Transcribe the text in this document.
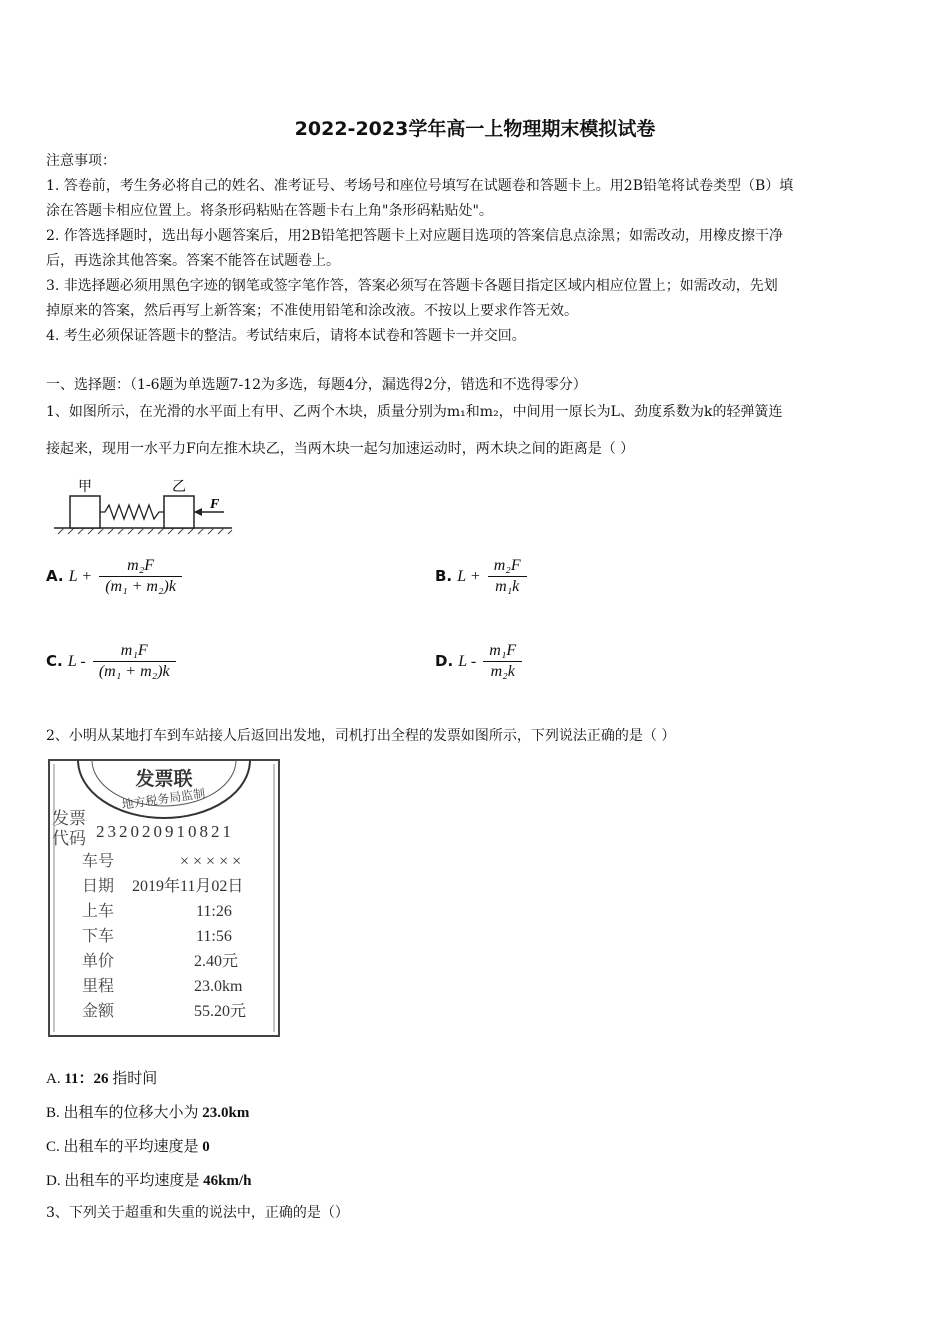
2022-2023学年高一上物理期末模拟试卷
注意事项：
1. 答卷前，考生务必将自己的姓名、准考证号、考场号和座位号填写在试题卷和答题卡上。用2B铅笔将试卷类型（B）填
涂在答题卡相应位置上。将条形码粘贴在答题卡右上角"条形码粘贴处"。
2. 作答选择题时，选出每小题答案后，用2B铅笔把答题卡上对应题目选项的答案信息点涂黑；如需改动，用橡皮擦干净
后，再选涂其他答案。答案不能答在试题卷上。
3. 非选择题必须用黑色字迹的钢笔或签字笔作答，答案必须写在答题卡各题目指定区域内相应位置上；如需改动，先划
掉原来的答案，然后再写上新答案；不准使用铅笔和涂改液。不按以上要求作答无效。
4. 考生必须保证答题卡的整洁。考试结束后，请将本试卷和答题卡一并交回。
一、选择题：（1-6题为单选题7-12为多选，每题4分，漏选得2分，错选和不选得零分）
1、如图所示，在光滑的水平面上有甲、乙两个木块，质量分别为m₁和m₂，中间用一原长为L、劲度系数为k的轻弹簧连
接起来，现用一水平力F向左推木块乙，当两木块一起匀加速运动时，两木块之间的距离是（ ）
甲	乙
F
A. $L + \frac{\text{m₂F}}{\text{(m₁ + m₂)k}}$	B. $L + \frac{\text{m₂F}}{\text{m₁k}}$
C. L - $\frac{\text{m₁F}}{\text{(m₁ + m₂)k}}$	D. L - $\frac{\text{m₁F}}{\text{m₂k}}$
2、小明从某地打车到车站接人后返回出发地，司机打出全程的发票如图所示，下列说法正确的是（ ）
发票联
地方税务局监制
发票
代码 232020910821
车号	× × × × ×
日期 2019年11月02日
上车	11:26
下车	11:56
单价	2.40元
里程	23.0km
金额	55.20元
A. 11：26 指时间
B. 出租车的位移大小为 23.0km
C. 出租车的平均速度是 0
D. 出租车的平均速度是 46km/h
3、下列关于超重和失重的说法中，正确的是（）
